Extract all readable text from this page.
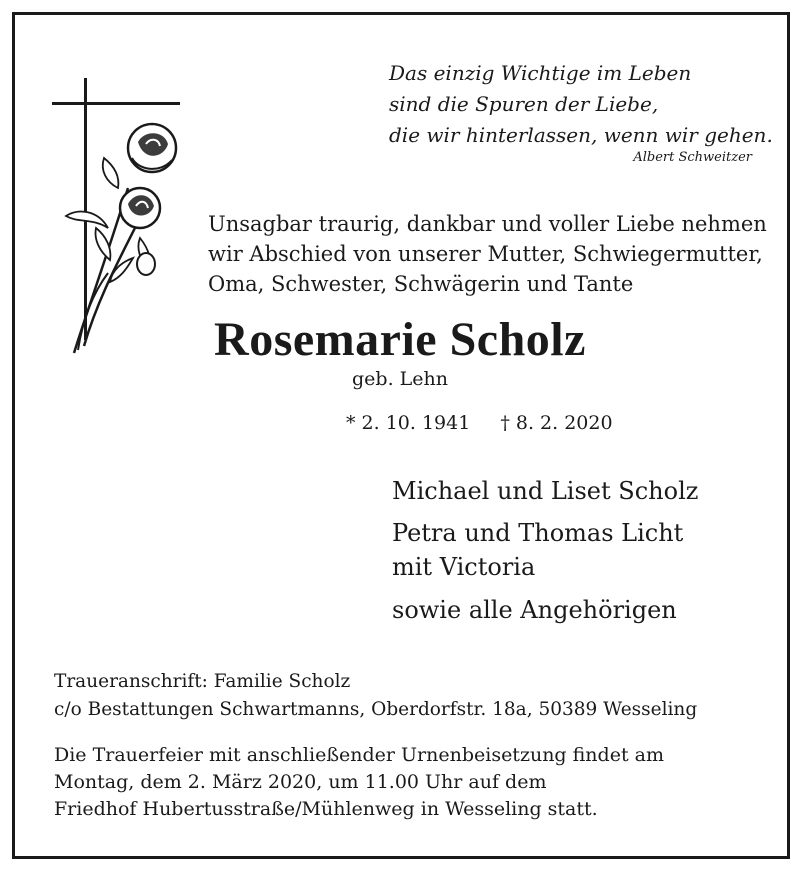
Das einzig Wichtige im Leben
sind die Spuren der Liebe,
die wir hinterlassen, wenn wir gehen.
Albert Schweitzer
Unsagbar traurig, dankbar und voller Liebe nehmen
wir Abschied von unserer Mutter, Schwiegermutter,
Oma, Schwester, Schwägerin und Tante
Rosemarie Scholz
geb. Lehn
* 2. 10. 1941 † 8. 2. 2020
Michael und Liset Scholz
Petra und Thomas Licht
mit Victoria
sowie alle Angehörigen
Traueranschrift: Familie Scholz
c/o Bestattungen Schwartmanns, Oberdorfstr. 18a, 50389 Wesseling
Die Trauerfeier mit anschließender Urnenbeisetzung findet am
Montag, dem 2. März 2020, um 11.00 Uhr auf dem
Friedhof Hubertusstraße/Mühlenweg in Wesseling statt.
